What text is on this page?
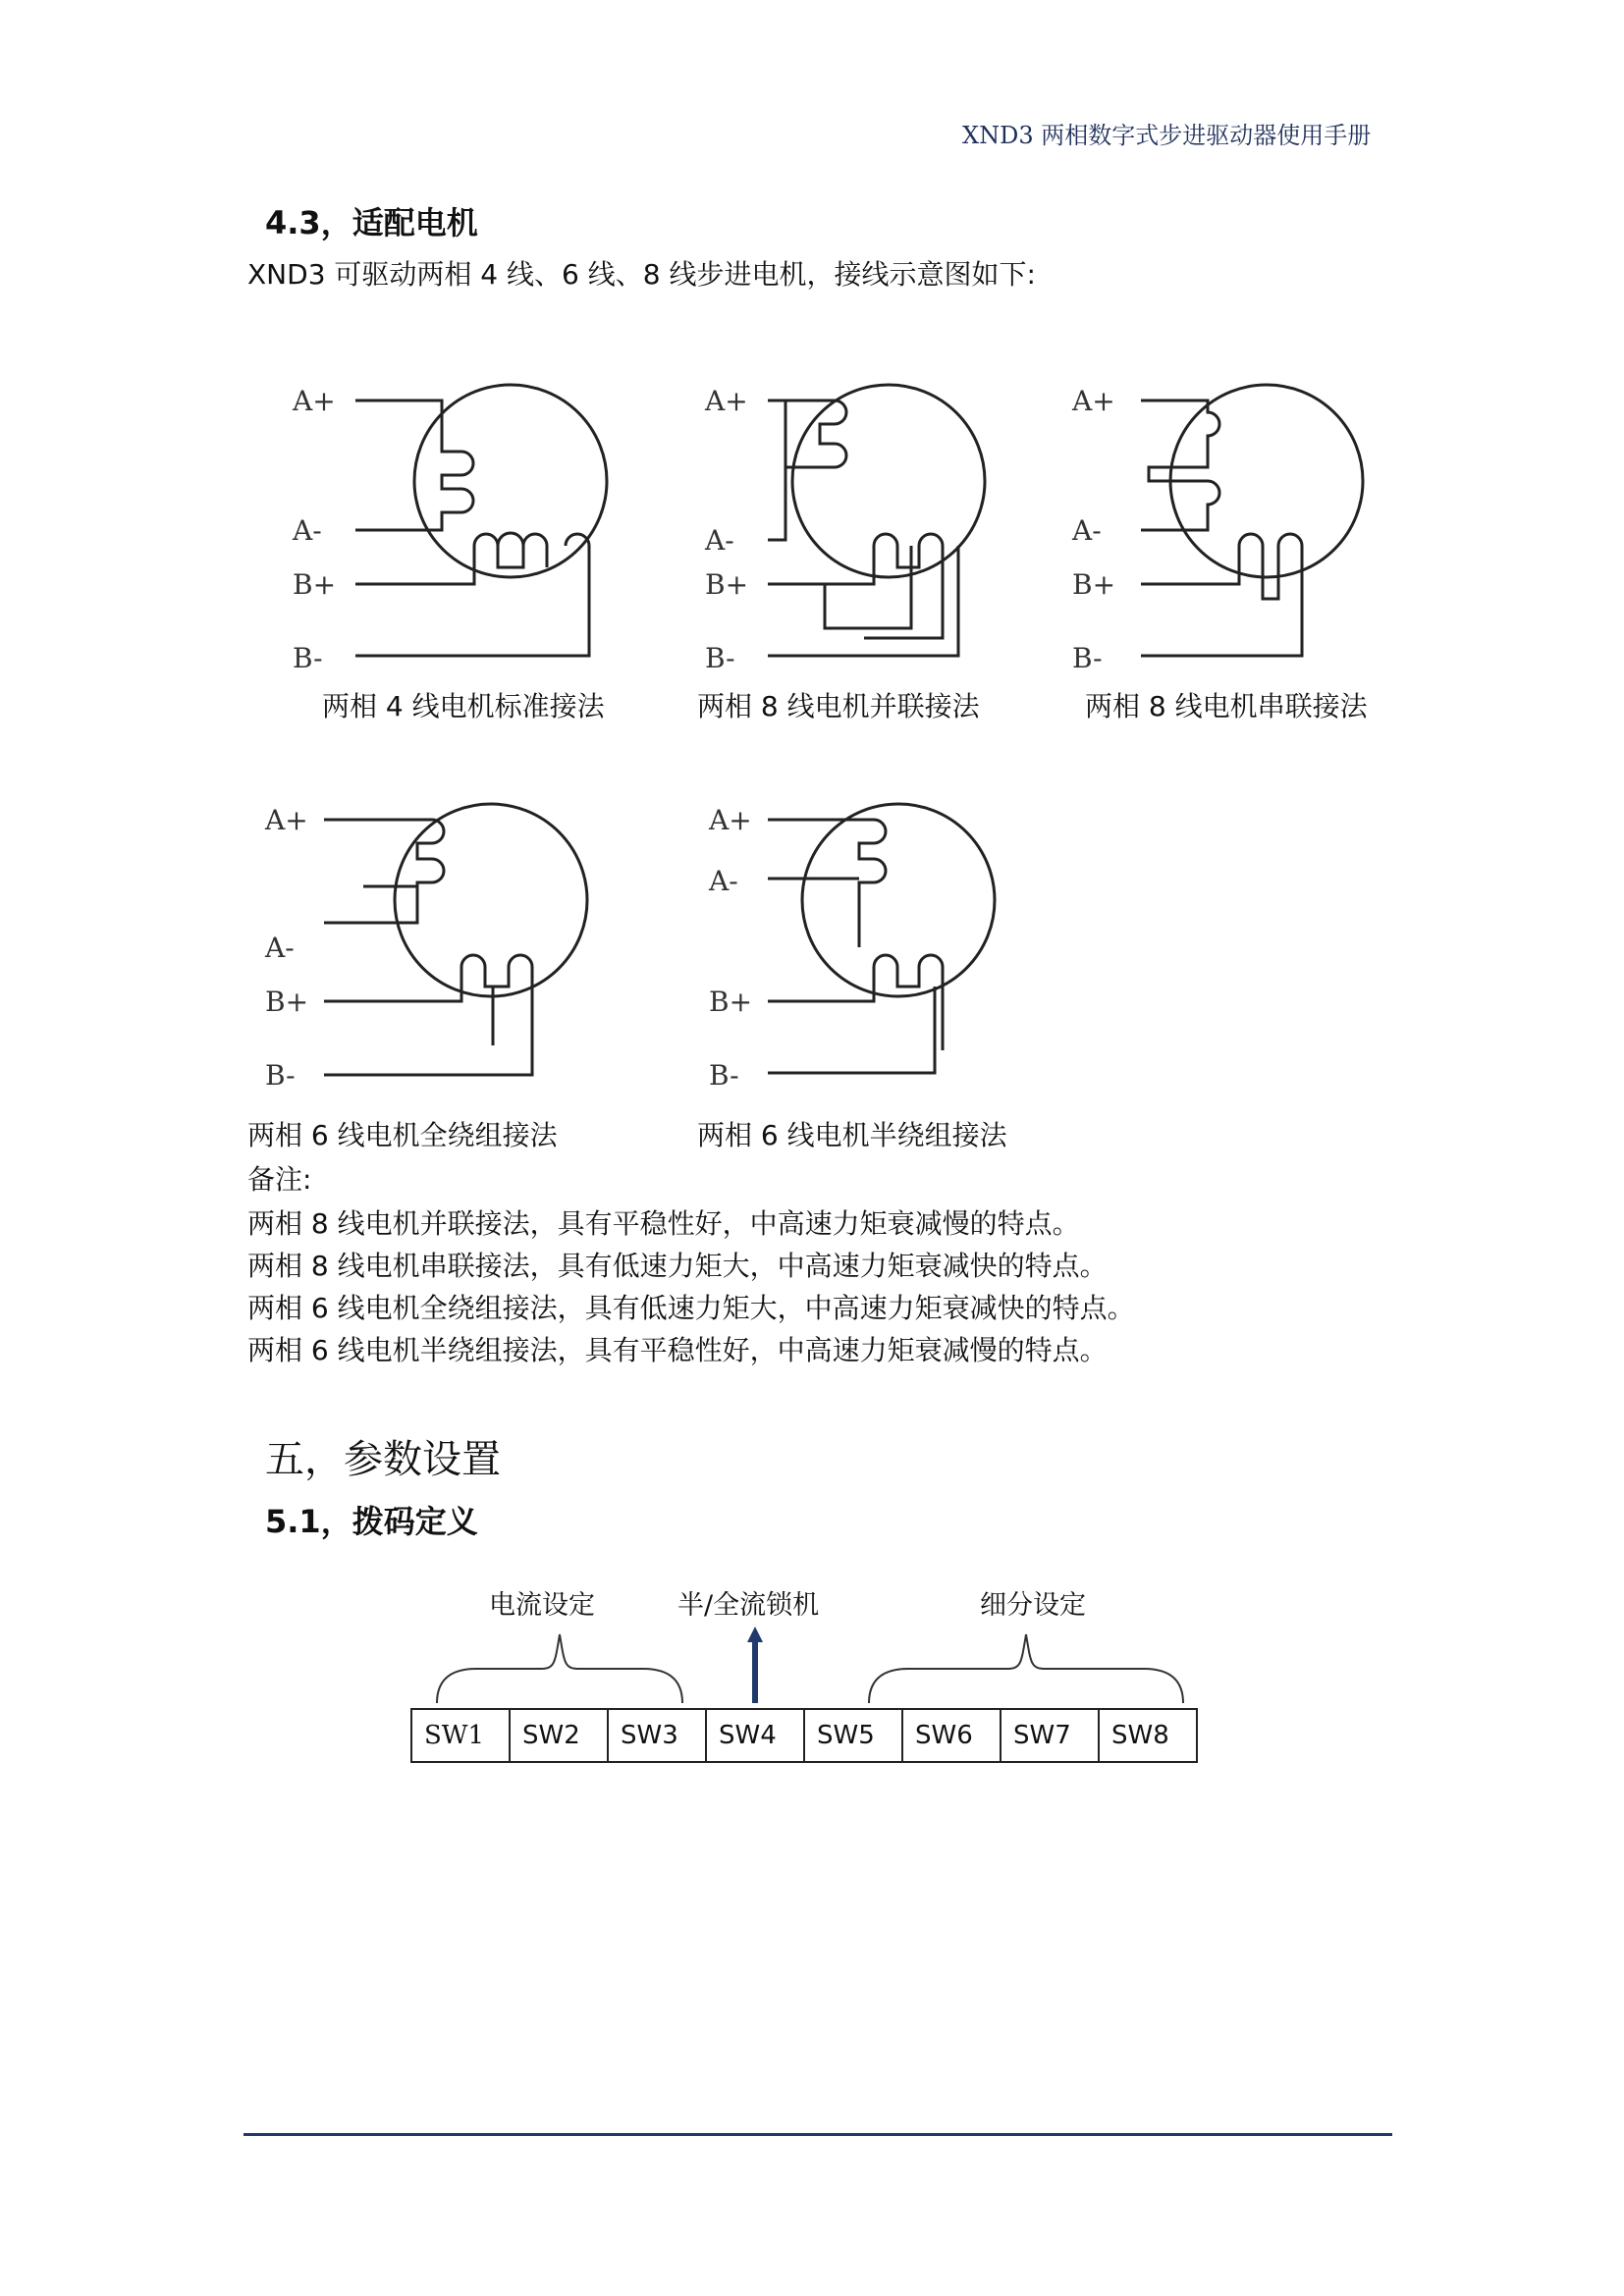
XND3 两相数字式步进驱动器使用手册
4.3，适配电机
XND3 可驱动两相 4 线、6 线、8 线步进电机，接线示意图如下:
A+
A-
B+
B-
两相 4 线电机标准接法
A+
A-
B+
B-
两相 8 线电机并联接法
A+
A-
B+
B-
两相 8 线电机串联接法
A+
A-
B+
B-
两相 6 线电机全绕组接法
A+
A-
B+
B-
两相 6 线电机半绕组接法
备注:
两相 8 线电机并联接法，具有平稳性好，中高速力矩衰减慢的特点。
两相 8 线电机串联接法，具有低速力矩大，中高速力矩衰减快的特点。
两相 6 线电机全绕组接法，具有低速力矩大，中高速力矩衰减快的特点。
两相 6 线电机半绕组接法，具有平稳性好，中高速力矩衰减慢的特点。
五，参数设置
5.1，拨码定义
电流设定	半/全流锁机	细分设定
SW1	SW2	SW3	SW4	SW5	SW6	SW7	SW8
